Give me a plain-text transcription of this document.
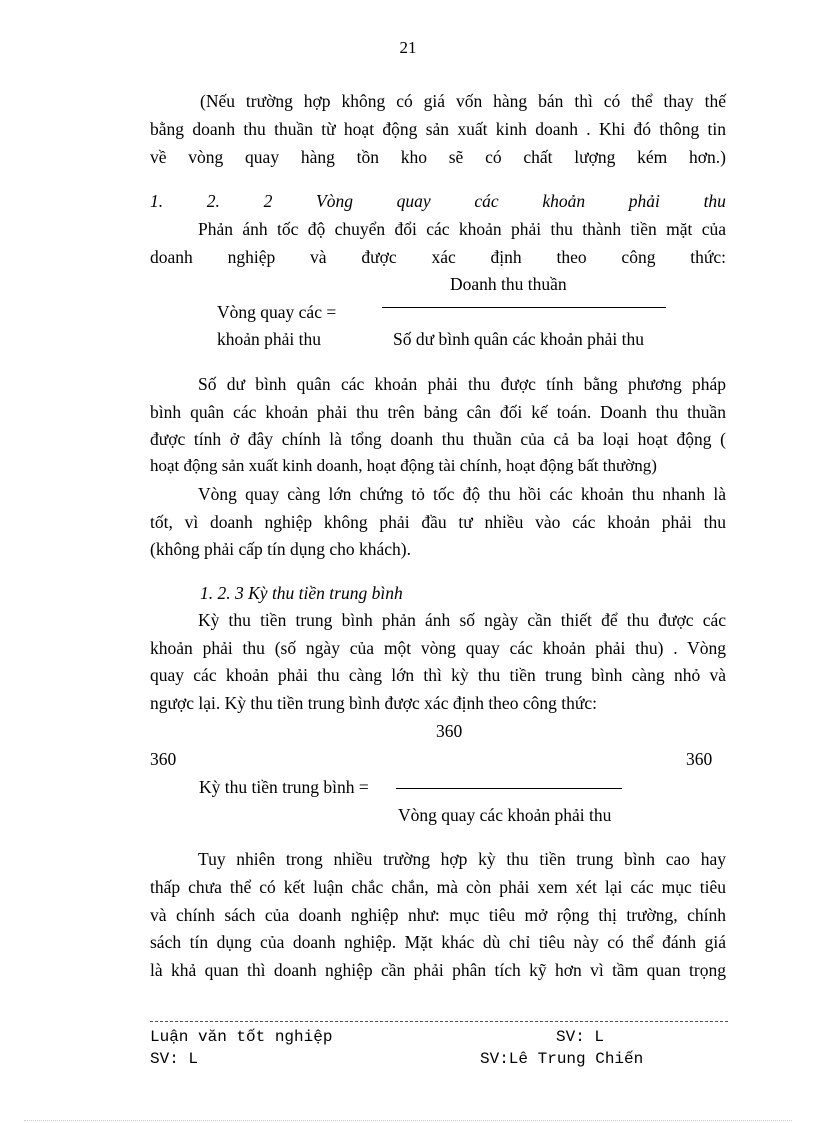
21
(Nếu trường hợp không có giá vốn hàng bán thì có thể thay thế
bằng doanh thu thuần từ hoạt động sản xuất kinh doanh . Khi đó thông tin
về vòng quay hàng tồn kho sẽ có chất lượng kém hơn.)
1. 2. 2 Vòng quay các khoản phải thu
Phản ánh tốc độ chuyển đổi các khoản phải thu thành tiền mặt của
doanh nghiệp và được xác định theo công thức:
Doanh thu thuần
Vòng quay các =
khoản phải thu	Số dư bình quân các khoản phải thu
Số dư bình quân các khoản phải thu được tính bằng phương pháp
bình quân các khoản phải thu trên bảng cân đối kế toán. Doanh thu thuần
được tính ở đây chính là tổng doanh thu thuần của cả ba loại hoạt động (
hoạt động sản xuất kinh doanh, hoạt động tài chính, hoạt động bất thường)
Vòng quay càng lớn chứng tỏ tốc độ thu hồi các khoản thu nhanh là
tốt, vì doanh nghiệp không phải đầu tư nhiều vào các khoản phải thu
(không phải cấp tín dụng cho khách).
1. 2. 3 Kỳ thu tiền trung bình
Kỳ thu tiền trung bình phản ánh số ngày cần thiết để thu được các
khoản phải thu (số ngày của một vòng quay các khoản phải thu) . Vòng
quay các khoản phải thu càng lớn thì kỳ thu tiền trung bình càng nhỏ và
ngược lại. Kỳ thu tiền trung bình được xác định theo công thức:
360
360	360
Kỳ thu tiền trung bình =
Vòng quay các khoản phải thu
Tuy nhiên trong nhiều trường hợp kỳ thu tiền trung bình cao hay
thấp chưa thể có kết luận chắc chắn, mà còn phải xem xét lại các mục tiêu
và chính sách của doanh nghiệp như: mục tiêu mở rộng thị trường, chính
sách tín dụng của doanh nghiệp. Mặt khác dù chỉ tiêu này có thể đánh giá
là khả quan thì doanh nghiệp cần phải phân tích kỹ hơn vì tầm quan trọng
Luận văn tốt nghiệp	SV: L
SV: L	SV:Lê Trung Chiến
